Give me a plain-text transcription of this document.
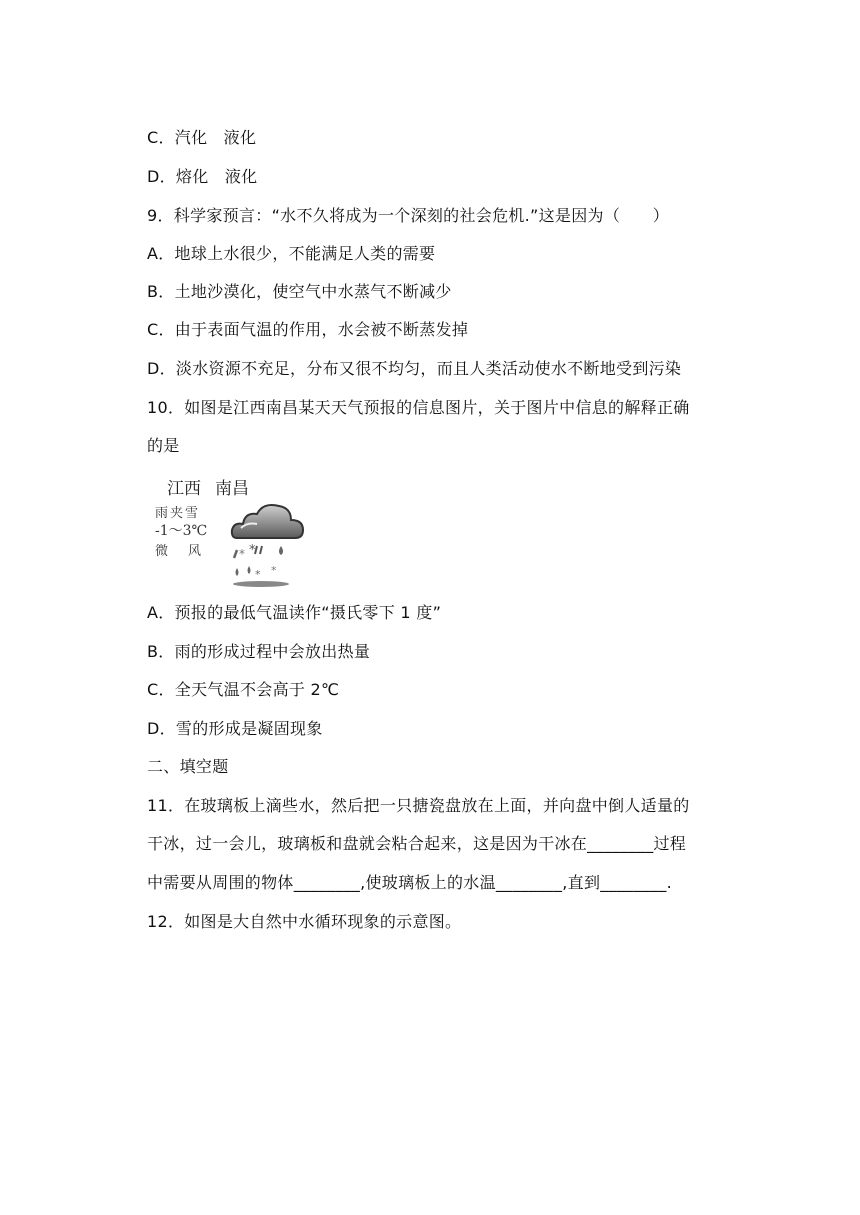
C．汽化　液化
D．熔化　液化
9．科学家预言：“水不久将成为一个深刻的社会危机.”这是因为（　　）
A．地球上水很少，不能满足人类的需要
B．土地沙漠化，使空气中水蒸气不断减少
C．由于表面气温的作用，水会被不断蒸发掉
D．淡水资源不充足，分布又很不均匀，而且人类活动使水不断地受到污染
10．如图是江西南昌某天天气预报的信息图片，关于图片中信息的解释正确
的是
江西 南昌
雨夹雪
-1～3℃
微风 * *
* *
A．预报的最低气温读作“摄氏零下 1 度”
B．雨的形成过程中会放出热量
C．全天气温不会高于 2℃
D．雪的形成是凝固现象
二、填空题
11．在玻璃板上滴些水，然后把一只搪瓷盘放在上面，并向盘中倒人适量的
干冰，过一会儿，玻璃板和盘就会粘合起来，这是因为干冰在________过程
中需要从周围的物体________,使玻璃板上的水温________,直到________.
12．如图是大自然中水循环现象的示意图。
